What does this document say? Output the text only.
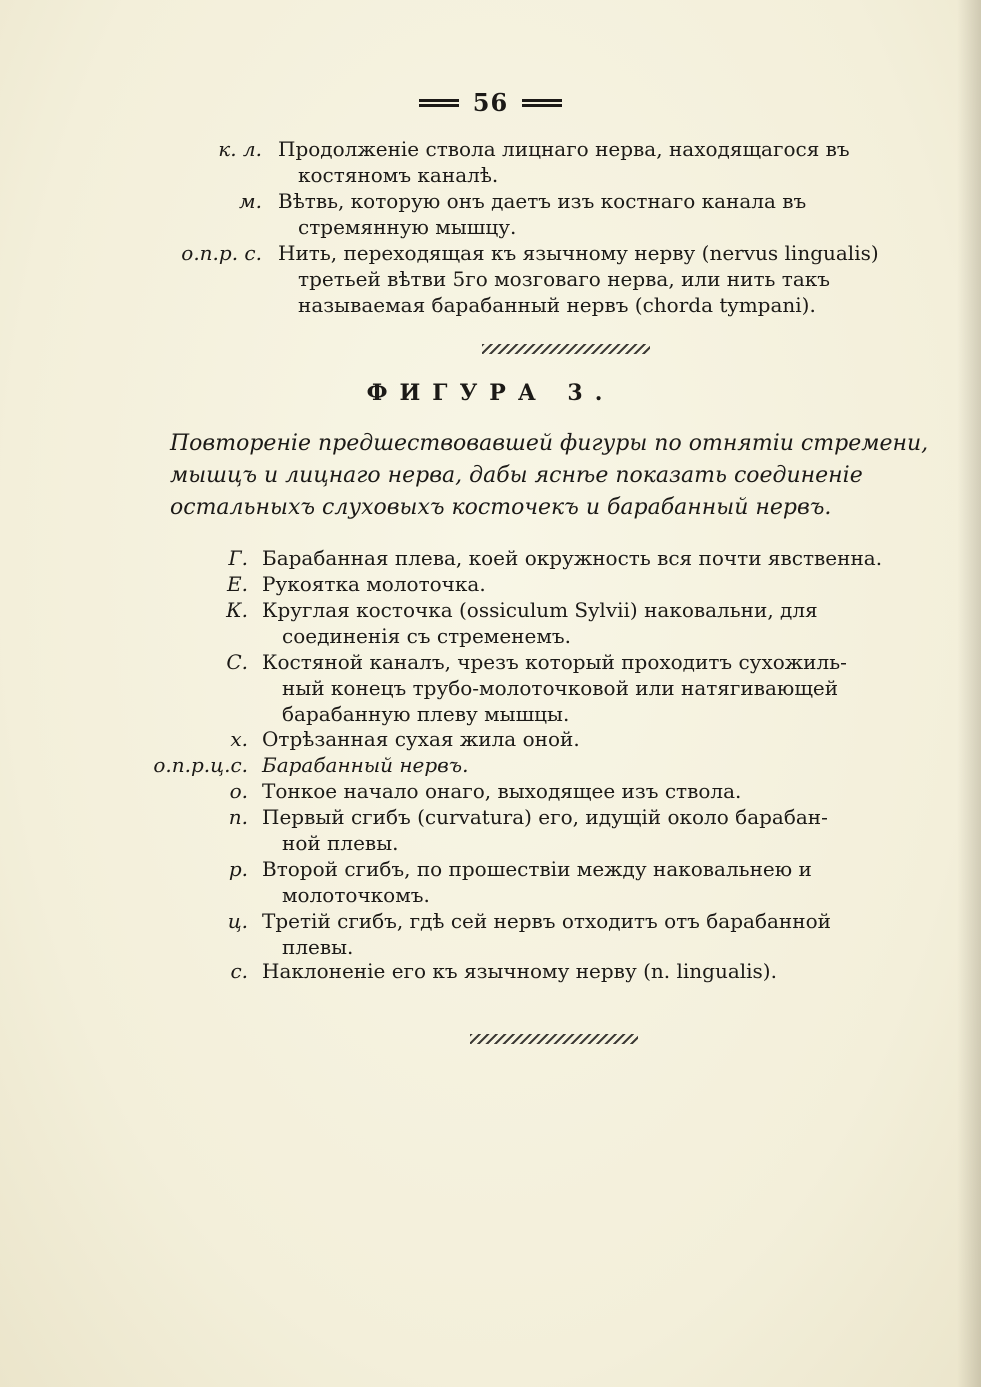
56
к. л. Продолженіе ствола лицнаго нерва, находящагося въ
костяномъ каналѣ.
м. Вѣтвь, которую онъ даетъ изъ костнаго канала въ
стремянную мышцу.
о.п.р. с. Нить, переходящая къ язычному нерву (nervus lingualis)
третьей вѣтви 5го мозговаго нерва, или нить такъ
называемая барабанный нервъ (chorda tympani).
ФИГУРА 3.
Повтореніе предшествовавшей фигуры по отнятіи стремени,
мышцъ и лицнаго нерва, дабы яснѣе показать соединеніе
остальныхъ слуховыхъ косточекъ и барабанный нервъ.
Г. Барабанная плева, коей окружность вся почти явственна.
Е. Рукоятка молоточка.
К. Круглая косточка (ossiculum Sylvii) наковальни, для
соединенія съ стременемъ.
С. Костяной каналъ, чрезъ который проходитъ сухожиль-
ный конецъ трубо-молоточковой или натягивающей
барабанную плеву мышцы.
х. Отрѣзанная сухая жила оной.
о.п.р.ц.с. Барабанный нервъ.
о. Тонкое начало онаго, выходящее изъ ствола.
п. Первый сгибъ (curvatura) его, идущій около барабан-
ной плевы.
р. Второй сгибъ, по прошествіи между наковальнею и
молоточкомъ.
ц. Третій сгибъ, гдѣ сей нервъ отходитъ отъ барабанной
плевы.
с. Наклоненіе его къ язычному нерву (n. lingualis).
